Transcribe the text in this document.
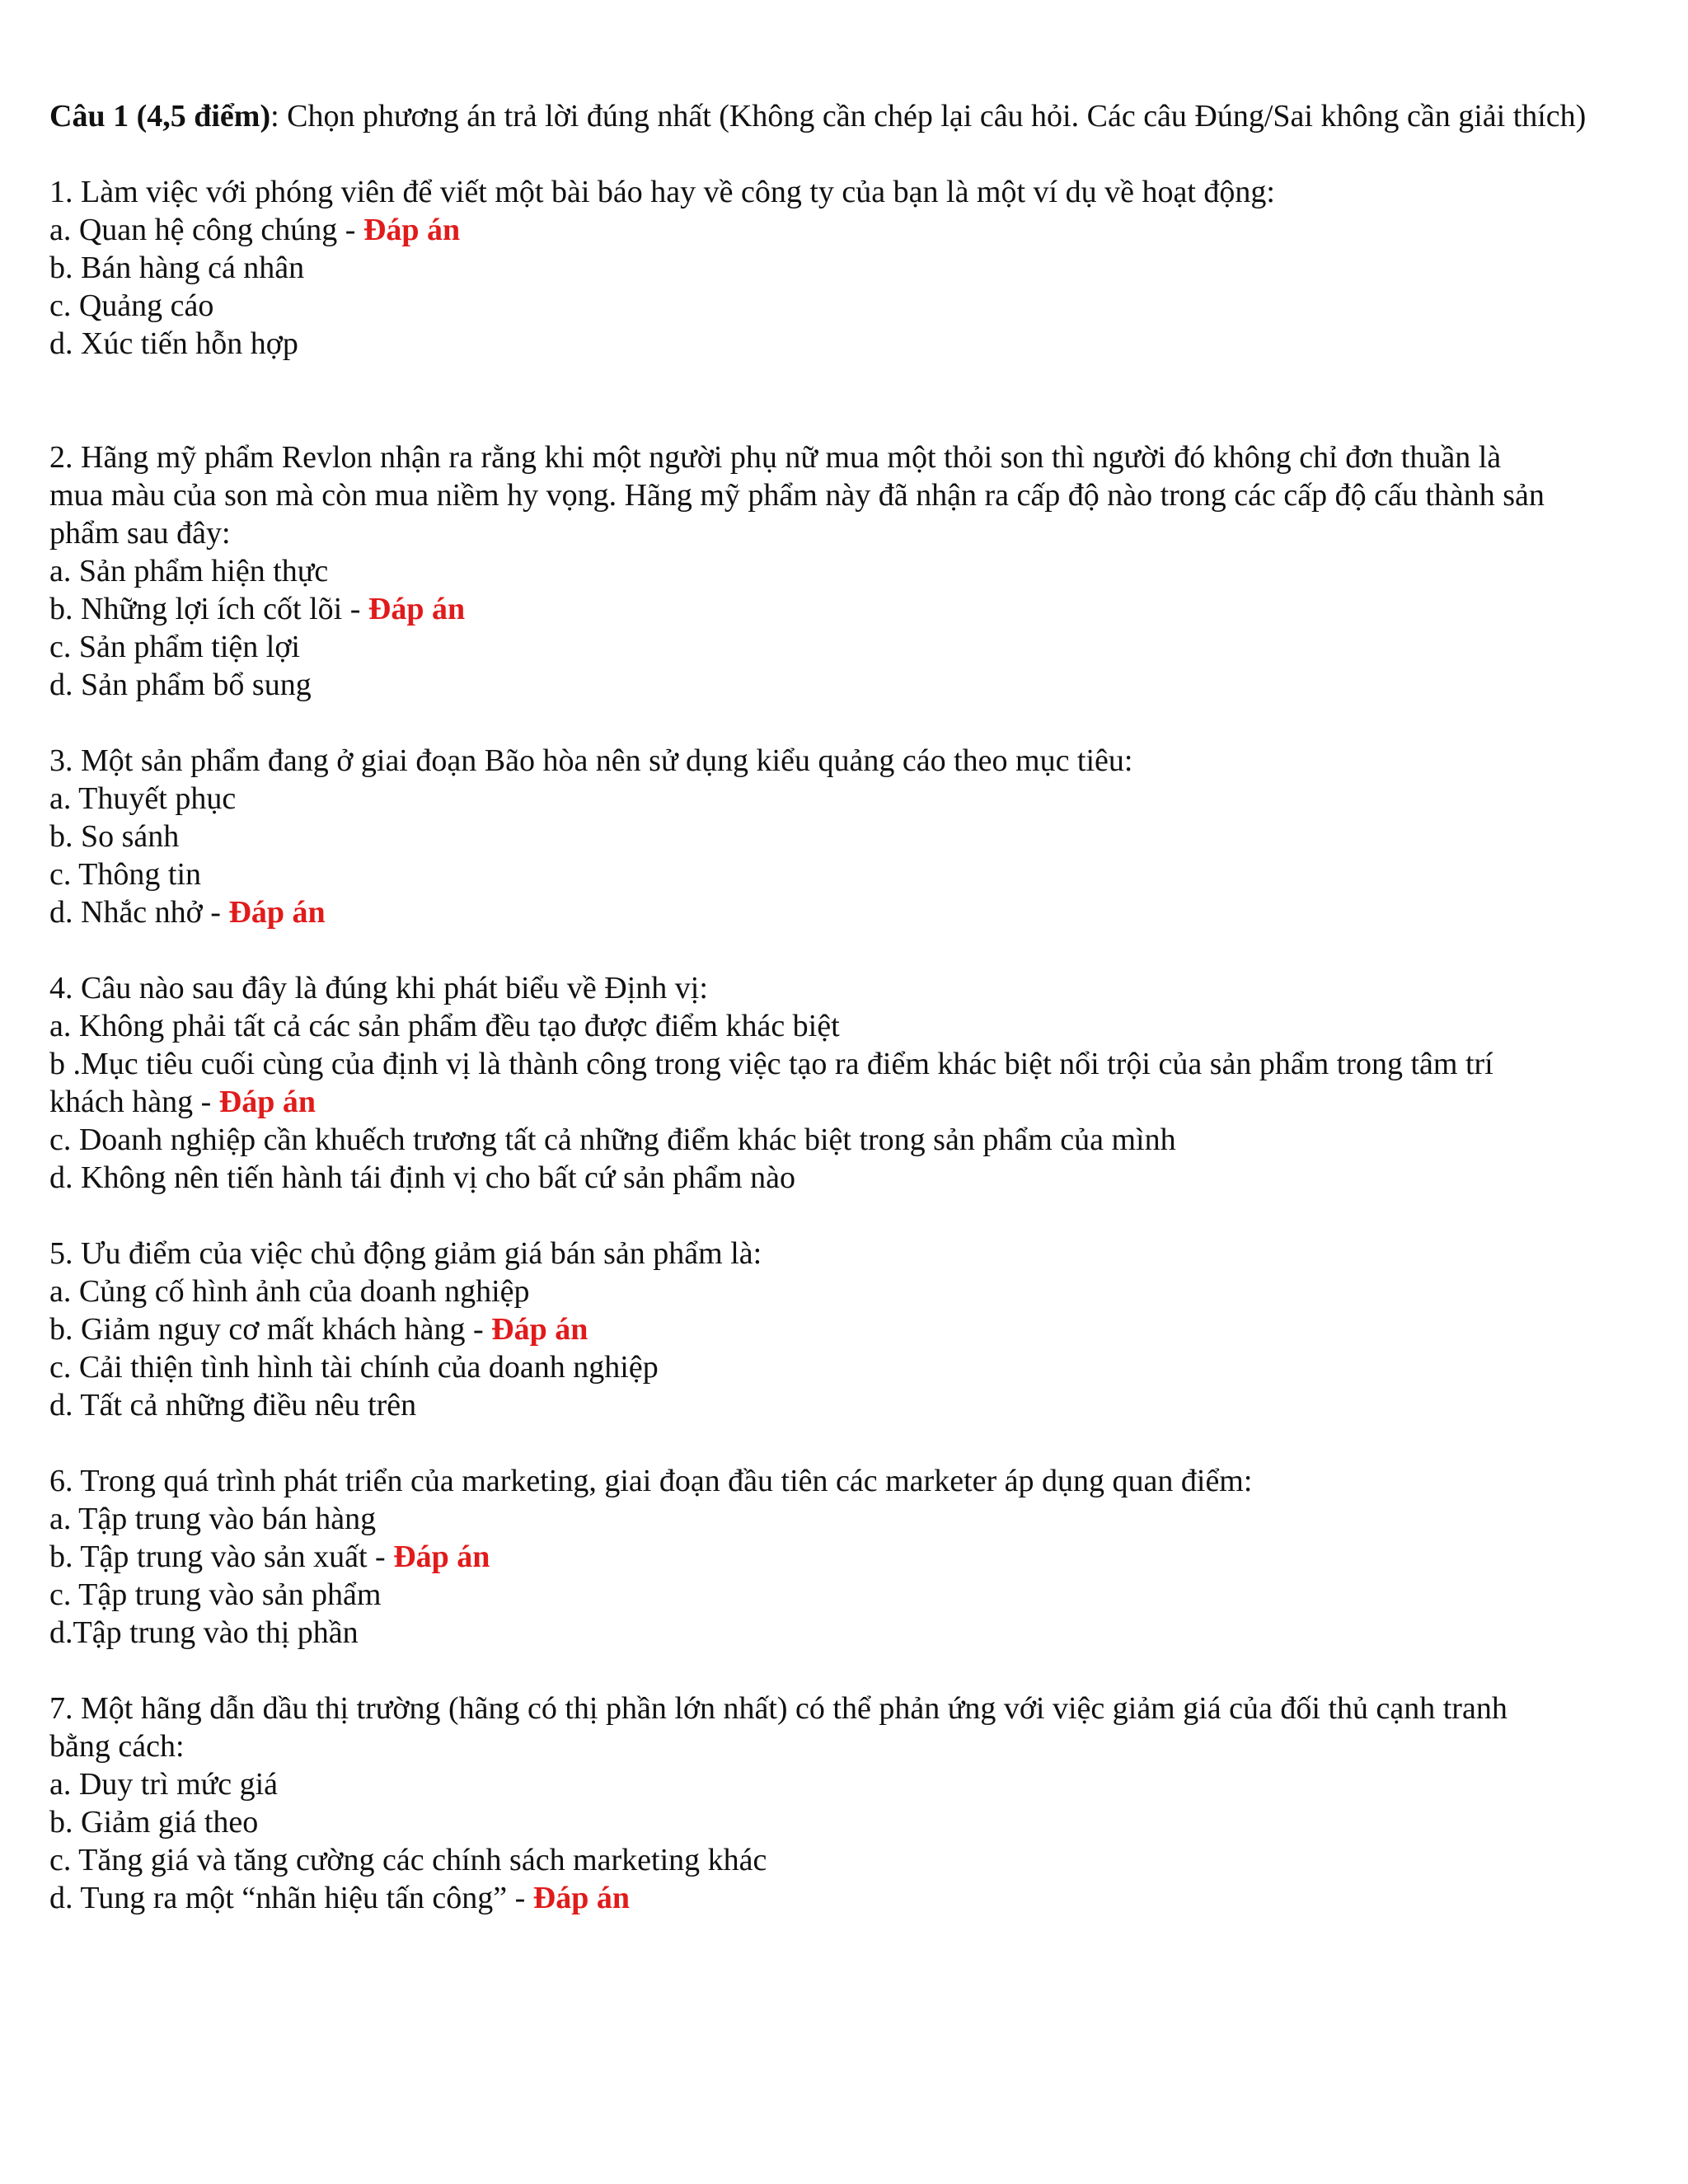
Câu 1 (4,5 điểm): Chọn phương án trả lời đúng nhất (Không cần chép lại câu hỏi. Các câu Đúng/Sai không cần giải thích)

1. Làm việc với phóng viên để viết một bài báo hay về công ty của bạn là một ví dụ về hoạt động:

a. Quan hệ công chúng - Đáp án

b. Bán hàng cá nhân

c. Quảng cáo

d. Xúc tiến hỗn hợp

2. Hãng mỹ phẩm Revlon nhận ra rằng khi một người phụ nữ mua một thỏi son thì người đó không chỉ đơn thuần là

mua màu của son mà còn mua niềm hy vọng. Hãng mỹ phẩm này đã nhận ra cấp độ nào trong các cấp độ cấu thành sản

phẩm sau đây:

a. Sản phẩm hiện thực

b. Những lợi ích cốt lõi - Đáp án

c. Sản phẩm tiện lợi

d. Sản phẩm bổ sung

3. Một sản phẩm đang ở giai đoạn Bão hòa nên sử dụng kiểu quảng cáo theo mục tiêu:

a. Thuyết phục

b. So sánh

c. Thông tin

d. Nhắc nhở - Đáp án

4. Câu nào sau đây là đúng khi phát biểu về Định vị:

a. Không phải tất cả các sản phẩm đều tạo được điểm khác biệt

b .Mục tiêu cuối cùng của định vị là thành công trong việc tạo ra điểm khác biệt nổi trội của sản phẩm trong tâm trí

khách hàng - Đáp án

c. Doanh nghiệp cần khuếch trương tất cả những điểm khác biệt trong sản phẩm của mình

d. Không nên tiến hành tái định vị cho bất cứ sản phẩm nào

5. Ưu điểm của việc chủ động giảm giá bán sản phẩm là:

a. Củng cố hình ảnh của doanh nghiệp

b. Giảm nguy cơ mất khách hàng - Đáp án

c. Cải thiện tình hình tài chính của doanh nghiệp

d. Tất cả những điều nêu trên

6. Trong quá trình phát triển của marketing, giai đoạn đầu tiên các marketer áp dụng quan điểm:

a. Tập trung vào bán hàng

b. Tập trung vào sản xuất - Đáp án

c. Tập trung vào sản phẩm

d.Tập trung vào thị phần

7. Một hãng dẫn dầu thị trường (hãng có thị phần lớn nhất) có thể phản ứng với việc giảm giá của đối thủ cạnh tranh

bằng cách:

a. Duy trì mức giá

b. Giảm giá theo

c. Tăng giá và tăng cường các chính sách marketing khác

d. Tung ra một “nhãn hiệu tấn công” - Đáp án
